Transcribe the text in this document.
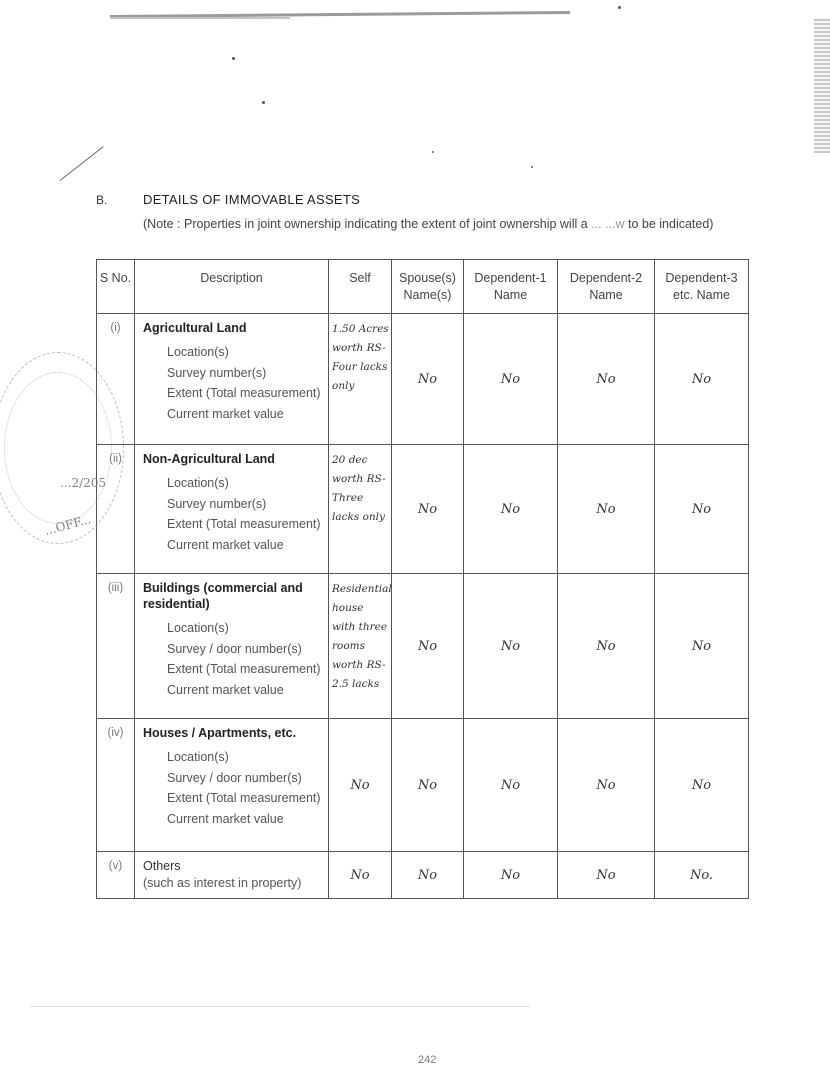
B.	DETAILS OF IMMOVABLE ASSETS
(Note : Properties in joint ownership indicating the extent of joint ownership will a ... ...w to be indicated)
S No.	Description	Self	Spouse(s) Name(s)	Dependent-1 Name	Dependent-2 Name	Dependent-3 etc. Name
(i)	Agricultural Land
Location(s)
Survey number(s)
Extent (Total measurement)
Current market value	1.50 Acres worth RS- Four lacks only	No	No	No	No
(ii)	Non-Agricultural Land
Location(s)
Survey number(s)
Extent (Total measurement)
Current market value	20 dec worth RS- Three lacks only	No	No	No	No
(iii)	Buildings (commercial and residential)
Location(s)
Survey / door number(s)
Extent (Total measurement)
Current market value	Residential house with three rooms worth RS- 2.5 lacks	No	No	No	No
(iv)	Houses / Apartments, etc.
Location(s)
Survey / door number(s)
Extent (Total measurement)
Current market value	No	No	No	No	No
(v)	Others
(such as interest in property)	No	No	No	No	No.
...2/205
...OFF...
242
